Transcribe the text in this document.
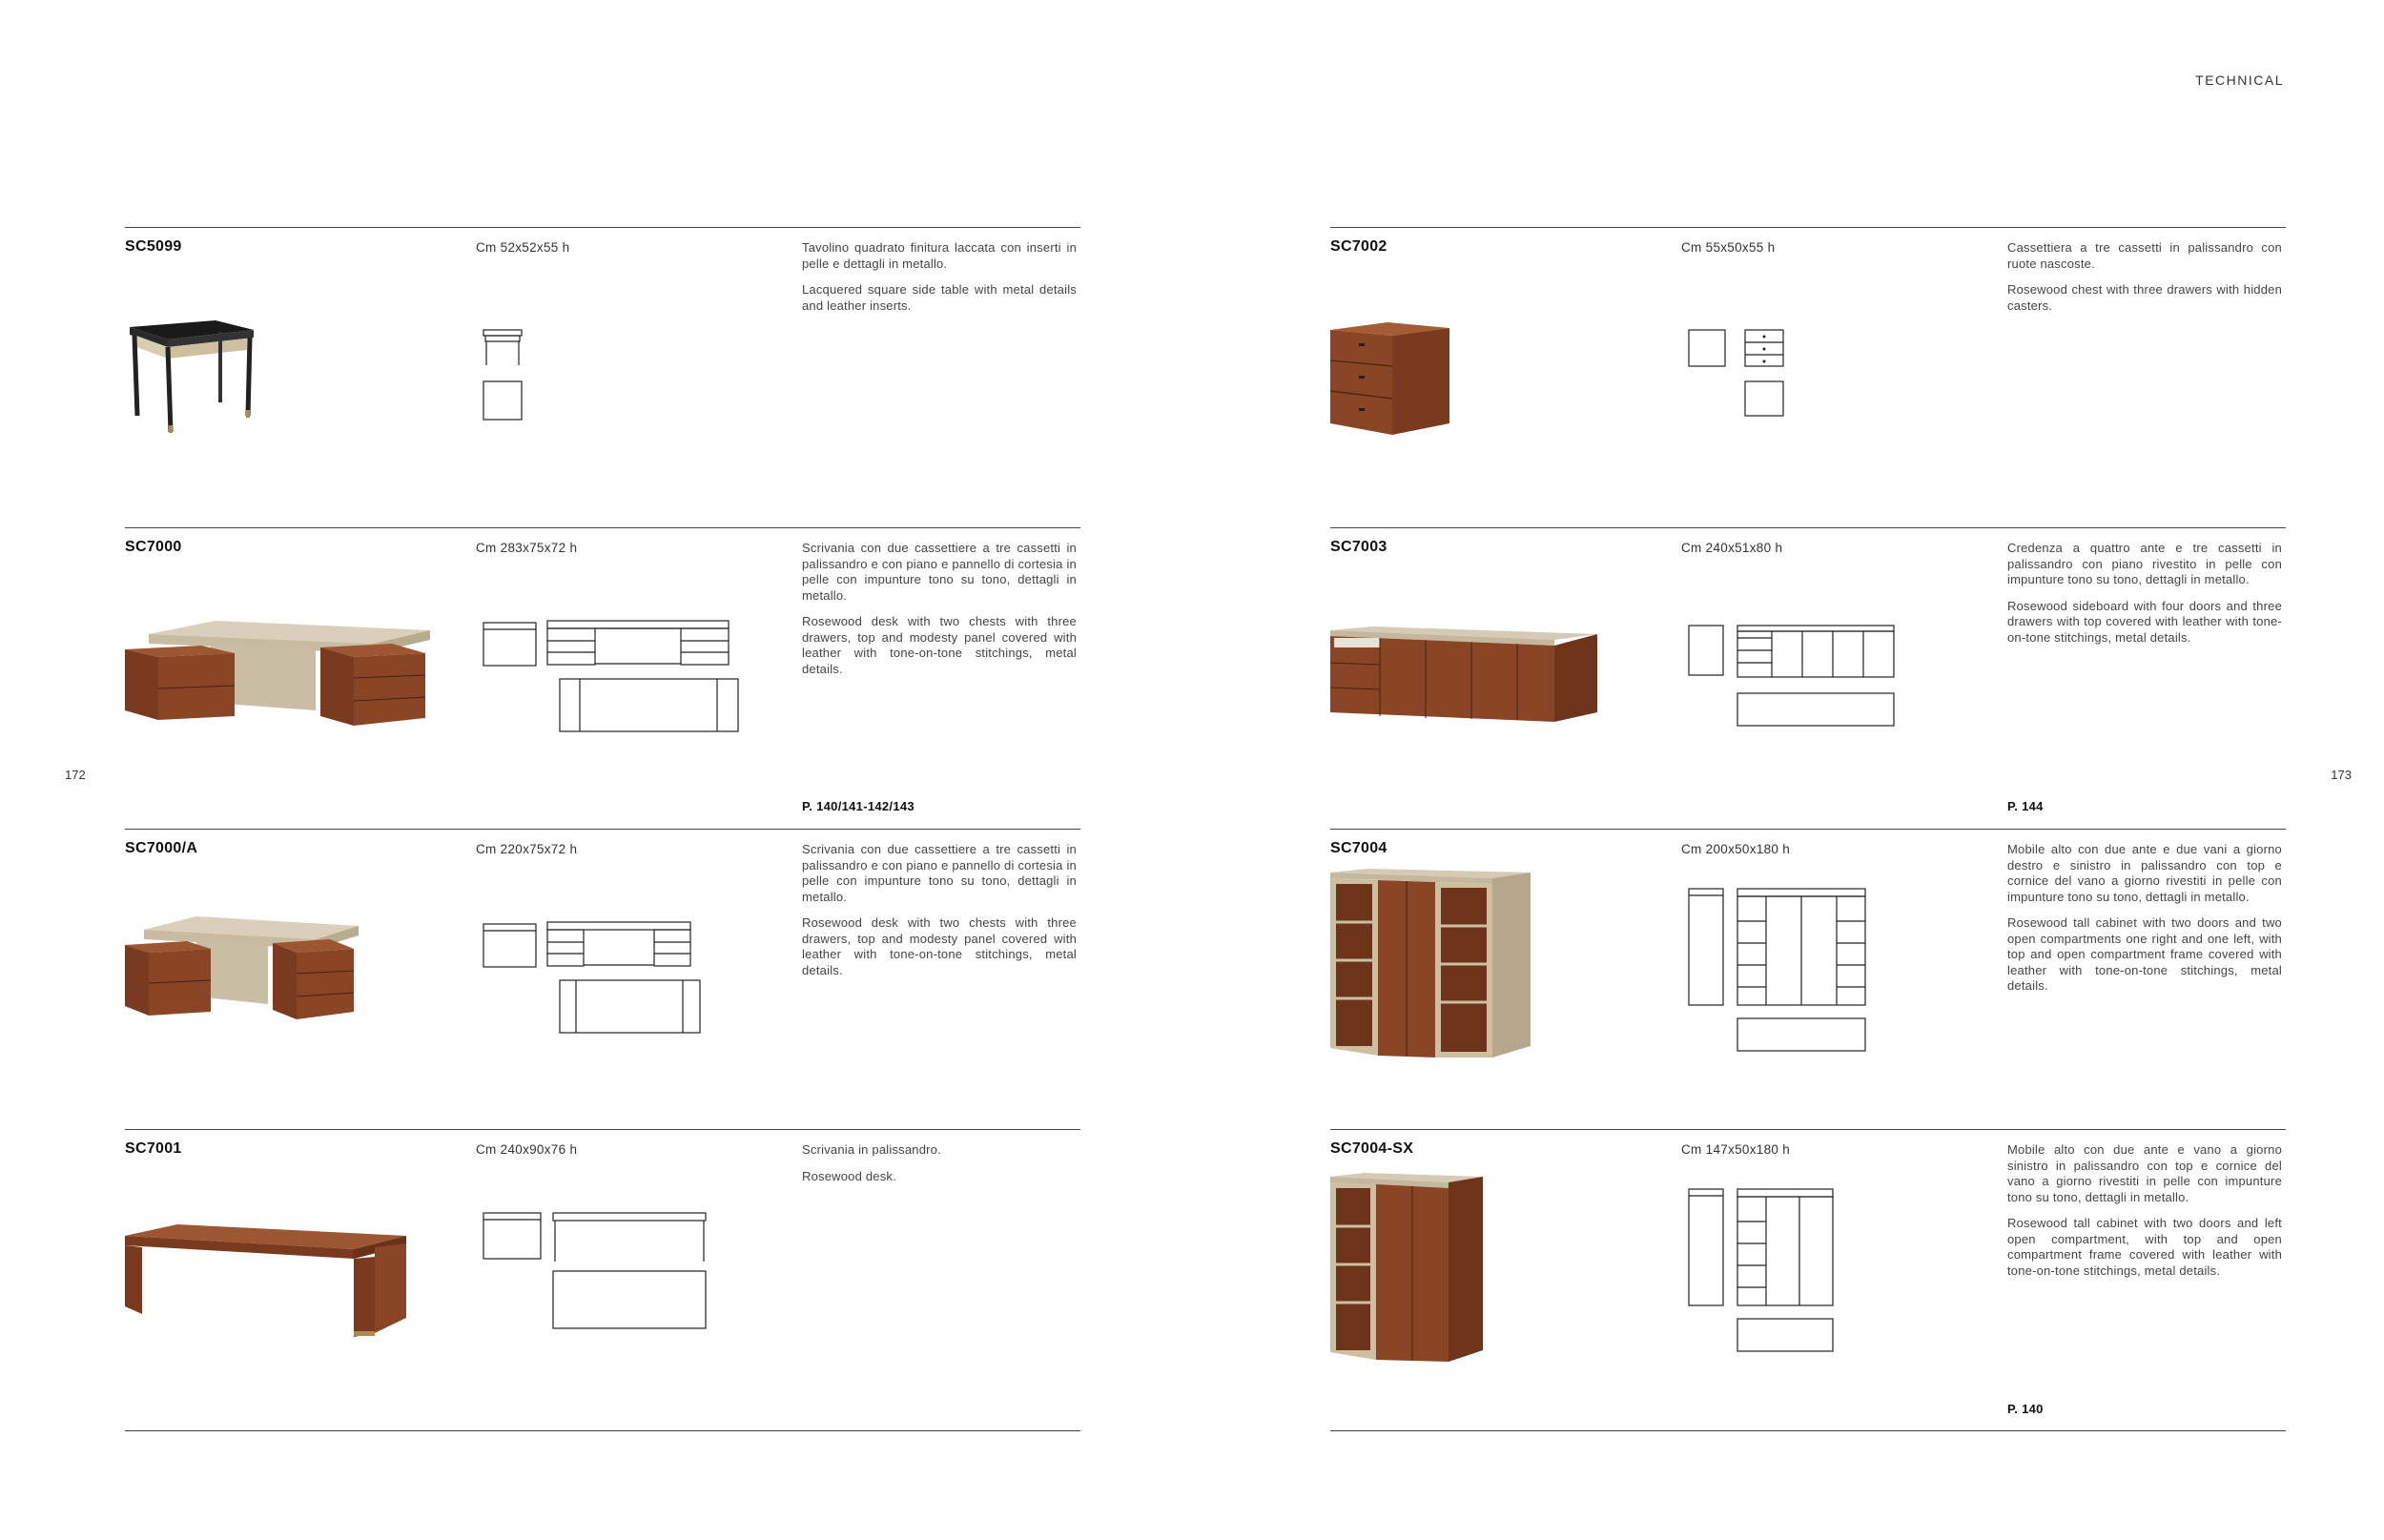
TECHNICAL
172	173
SC5099	Cm 52x52x55 h	Tavolino quadrato finitura laccata con inserti in pelle e dettagli in metallo.

Lacquered square side table with metal details and leather inserts.

SC7000	Cm 283x75x72 h	Scrivania con due cassettiere a tre cassetti in palissandro e con piano e pannello di cortesia in pelle con impunture tono su tono, dettagli in metallo.

Rosewood desk with two chests with three drawers, top and modesty panel covered with leather with tone-on-tone stitchings, metal details.

P. 140/141-142/143
SC7000/A	Cm 220x75x72 h	Scrivania con due cassettiere a tre cassetti in palissandro e con piano e pannello di cortesia in pelle con impunture tono su tono, dettagli in metallo.

Rosewood desk with two chests with three drawers, top and modesty panel covered with leather with tone-on-tone stitchings, metal details.

SC7001	Cm 240x90x76 h	Scrivania in palissandro.

Rosewood desk.

SC7002	Cm 55x50x55 h	Cassettiera a tre cassetti in palissandro con ruote nascoste.

Rosewood chest with three drawers with hidden casters.

SC7003	Cm 240x51x80 h	Credenza a quattro ante e tre cassetti in palissandro con piano rivestito in pelle con impunture tono su tono, dettagli in metallo.

Rosewood sideboard with four doors and three drawers with top covered with leather with tone-on-tone stitchings, metal details.

P. 144
SC7004	Cm 200x50x180 h	Mobile alto con due ante e due vani a giorno destro e sinistro in palissandro con top e cornice del vano a giorno rivestiti in pelle con impunture tono su tono, dettagli in metallo.

Rosewood tall cabinet with two doors and two open compartments one right and one left, with top and open compartment frame covered with leather with tone-on-tone stitchings, metal details.

SC7004-SX	Cm 147x50x180 h	Mobile alto con due ante e vano a giorno sinistro in palissandro con top e cornice del vano a giorno rivestiti in pelle con impunture tono su tono, dettagli in metallo.

Rosewood tall cabinet with two doors and left open compartment, with top and open compartment frame covered with leather with tone-on-tone stitchings, metal details.

P. 140
